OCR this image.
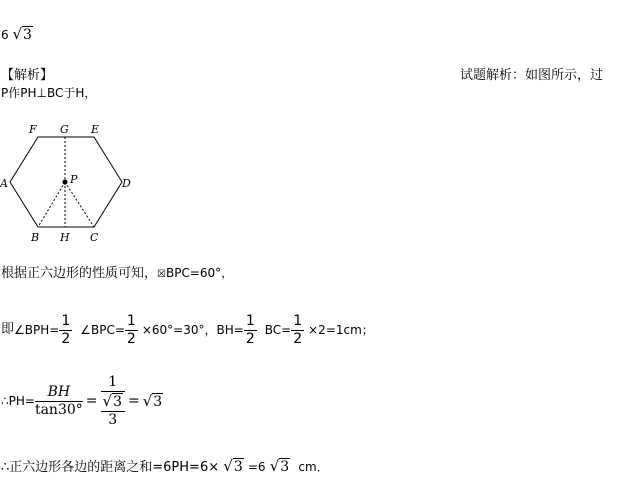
6 √3
【解析】	试题解析：如图所示，过
P作PH⊥BC于H，
F G E
A	P	D
B H C
根据正六边形的性质可知，☒BPC=60°，
即 ∠BPH= $\frac{1}{2}$ ∠BPC= $\frac{1}{2} \times 60^\circ=30^\circ$，$BH= \frac{1}{2} BC= \frac{1}{2} \times 2=1cm$；
∴PH= $\frac{BH}{\tan 30^\circ} = \frac{1}{\frac{√3}{3}} = √3$
∴正六边形各边的距离之和=6PH=6× √3 =6 √3 cm．
